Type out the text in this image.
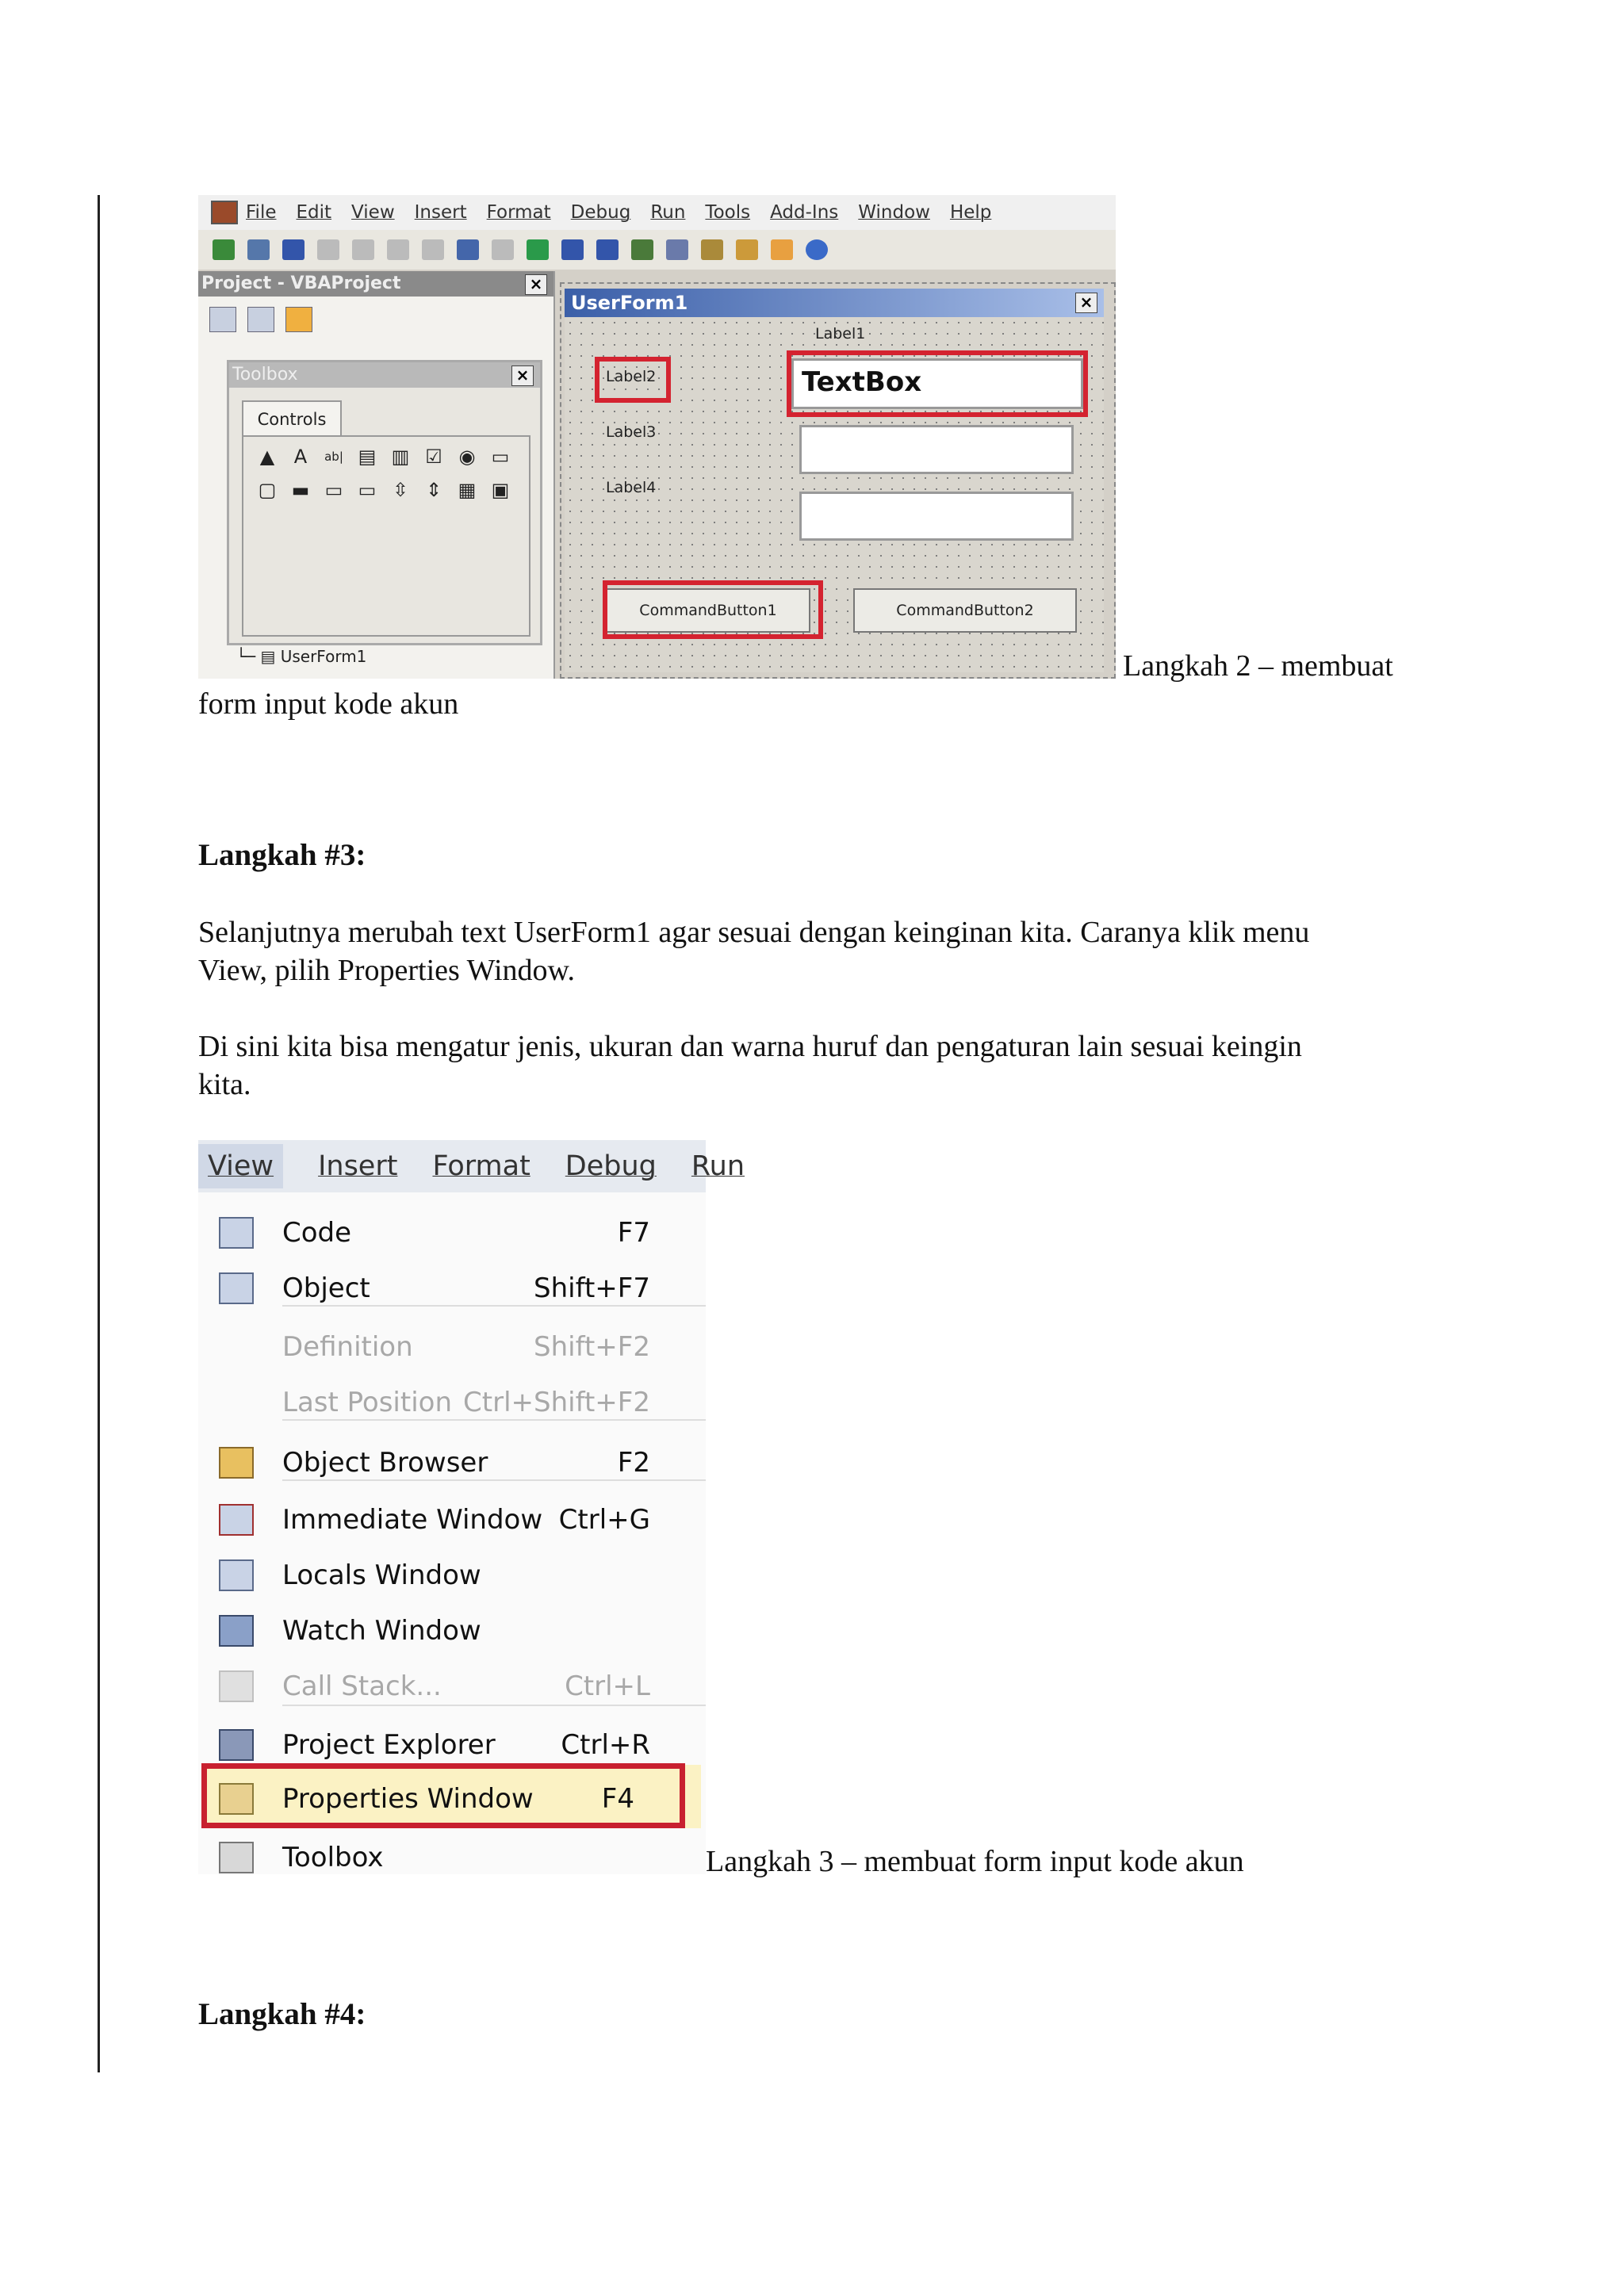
File Edit View Insert Format Debug Run Tools Add-Ins Window Help
Project - VBAProject	×
Toolbox	×
Controls
▲	A	ab| ▤ ▥ ☑ ◉ ▭
▢ ▬ ▭ ▭ ⇳ ⇕ ▦ ▣
└─ ▤ UserForm1
UserForm1	×
Label1
Label2
Label3
Label4
TextBox
CommandButton1	CommandButton2
Langkah 2 – membuat
form input kode akun
Langkah #3:
Selanjutnya merubah text UserForm1 agar sesuai dengan keinginan kita. Caranya klik menu
View, pilih Properties Window.
Di sini kita bisa mengatur jenis, ukuran dan warna huruf dan pengaturan lain sesuai keingin
kita.
View	Insert Format Debug Run
Code	F7
Object	Shift+F7
Definition	Shift+F2
Last Position Ctrl+Shift+F2
Object Browser	F2
Immediate Window Ctrl+G
Locals Window
Watch Window
Call Stack...	Ctrl+L
Project Explorer Ctrl+R
Properties Window	F4
Toolbox	Langkah 3 – membuat form input kode akun
Langkah #4:
